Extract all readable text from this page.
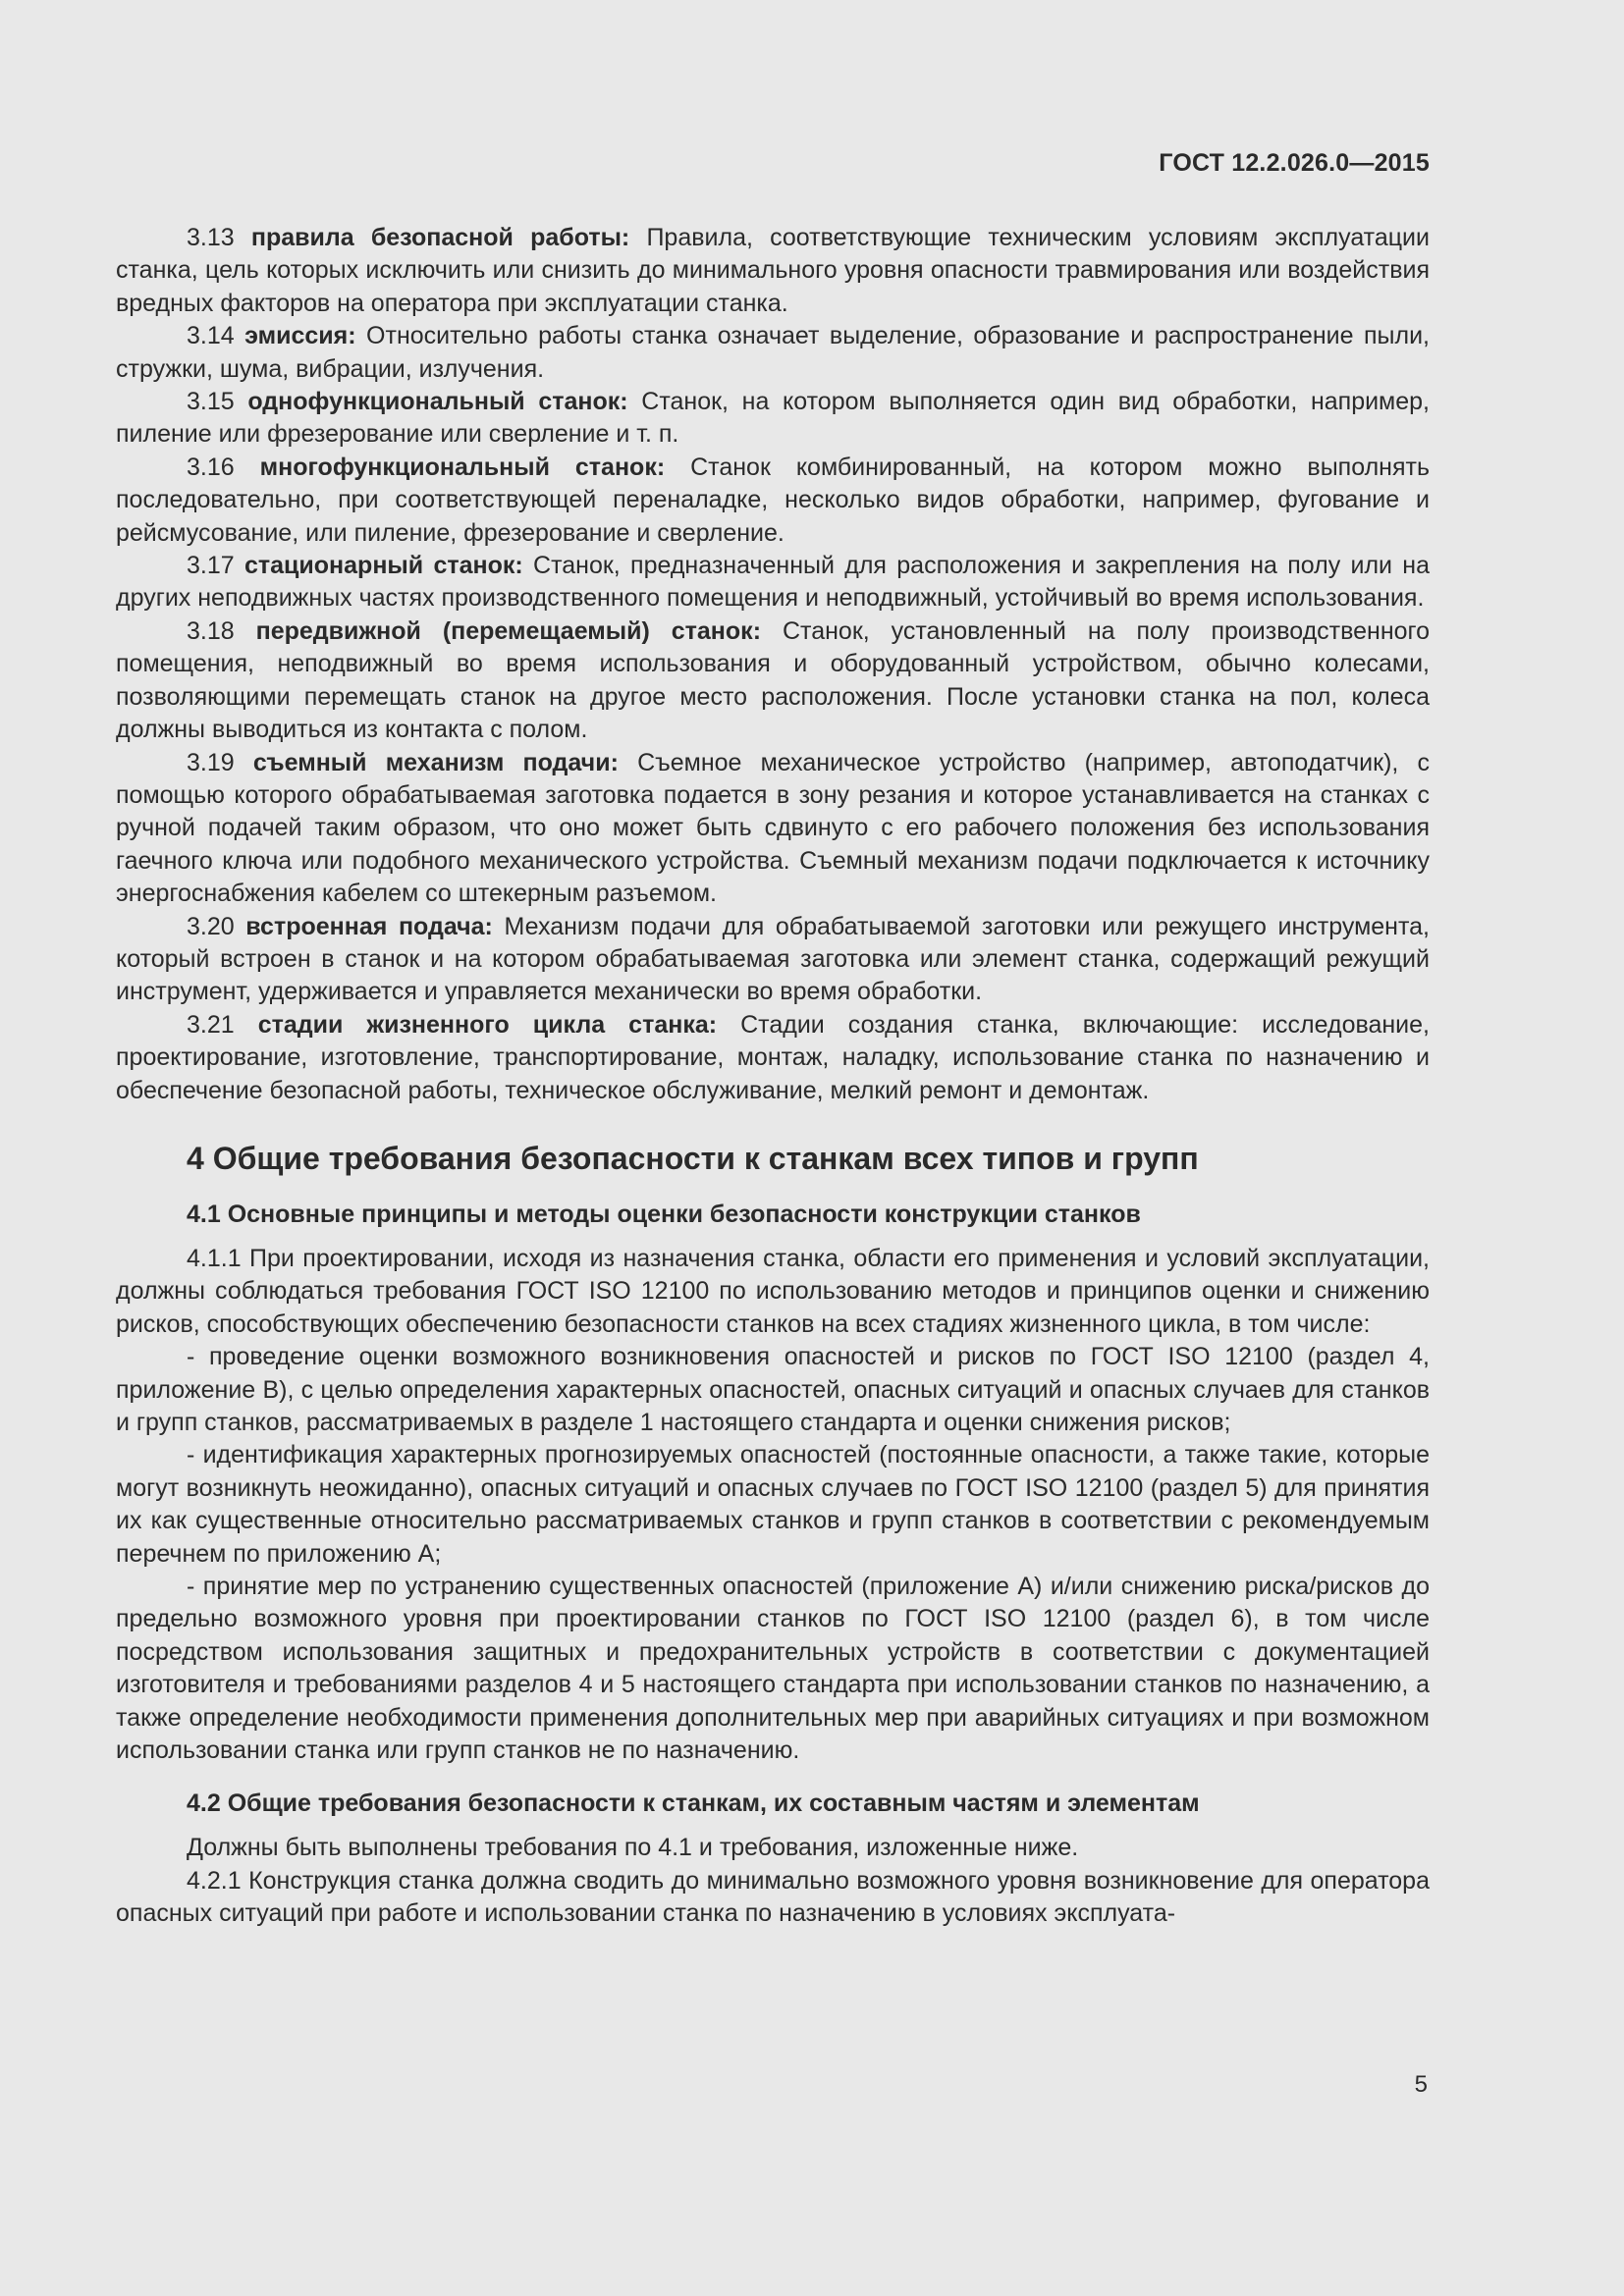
ГОСТ 12.2.026.0—2015

3.13 правила безопасной работы: Правила, соответствующие техническим условиям эксплуатации станка, цель которых исключить или снизить до минимального уровня опасности травмирования или воздействия вредных факторов на оператора при эксплуатации станка.

3.14 эмиссия: Относительно работы станка означает выделение, образование и распространение пыли, стружки, шума, вибрации, излучения.

3.15 однофункциональный станок: Станок, на котором выполняется один вид обработки, например, пиление или фрезерование или сверление и т. п.

3.16 многофункциональный станок: Станок комбинированный, на котором можно выполнять последовательно, при соответствующей переналадке, несколько видов обработки, например, фугование и рейсмусование, или пиление, фрезерование и сверление.

3.17 стационарный станок: Станок, предназначенный для расположения и закрепления на полу или на других неподвижных частях производственного помещения и неподвижный, устойчивый во время использования.

3.18 передвижной (перемещаемый) станок: Станок, установленный на полу производственного помещения, неподвижный во время использования и оборудованный устройством, обычно колесами, позволяющими перемещать станок на другое место расположения. После установки станка на пол, колеса должны выводиться из контакта с полом.

3.19 съемный механизм подачи: Съемное механическое устройство (например, автоподатчик), с помощью которого обрабатываемая заготовка подается в зону резания и которое устанавливается на станках с ручной подачей таким образом, что оно может быть сдвинуто с его рабочего положения без использования гаечного ключа или подобного механического устройства. Съемный механизм подачи подключается к источнику энергоснабжения кабелем со штекерным разъемом.

3.20 встроенная подача: Механизм подачи для обрабатываемой заготовки или режущего инструмента, который встроен в станок и на котором обрабатываемая заготовка или элемент станка, содержащий режущий инструмент, удерживается и управляется механически во время обработки.

3.21 стадии жизненного цикла станка: Стадии создания станка, включающие: исследование, проектирование, изготовление, транспортирование, монтаж, наладку, использование станка по назначению и обеспечение безопасной работы, техническое обслуживание, мелкий ремонт и демонтаж.

4 Общие требования безопасности к станкам всех типов и групп
4.1 Основные принципы и методы оценки безопасности конструкции станков

4.1.1 При проектировании, исходя из назначения станка, области его применения и условий эксплуатации, должны соблюдаться требования ГОСТ ISO 12100 по использованию методов и принципов оценки и снижению рисков, способствующих обеспечению безопасности станков на всех стадиях жизненного цикла, в том числе:

- проведение оценки возможного возникновения опасностей и рисков по ГОСТ ISO 12100 (раздел 4, приложение В), с целью определения характерных опасностей, опасных ситуаций и опасных случаев для станков и групп станков, рассматриваемых в разделе 1 настоящего стандарта и оценки снижения рисков;

- идентификация характерных прогнозируемых опасностей (постоянные опасности, а также такие, которые могут возникнуть неожиданно), опасных ситуаций и опасных случаев по ГОСТ ISO 12100 (раздел 5) для принятия их как существенные относительно рассматриваемых станков и групп станков в соответствии с рекомендуемым перечнем по приложению А;

- принятие мер по устранению существенных опасностей (приложение А) и/или снижению риска/рисков до предельно возможного уровня при проектировании станков по ГОСТ ISO 12100 (раздел 6), в том числе посредством использования защитных и предохранительных устройств в соответствии с документацией изготовителя и требованиями разделов 4 и 5 настоящего стандарта при использовании станков по назначению, а также определение необходимости применения дополнительных мер при аварийных ситуациях и при возможном использовании станка или групп станков не по назначению.

4.2 Общие требования безопасности к станкам, их составным частям и элементам

Должны быть выполнены требования по 4.1 и требования, изложенные ниже.

4.2.1 Конструкция станка должна сводить до минимально возможного уровня возникновение для оператора опасных ситуаций при работе и использовании станка по назначению в условиях эксплуата-

5
